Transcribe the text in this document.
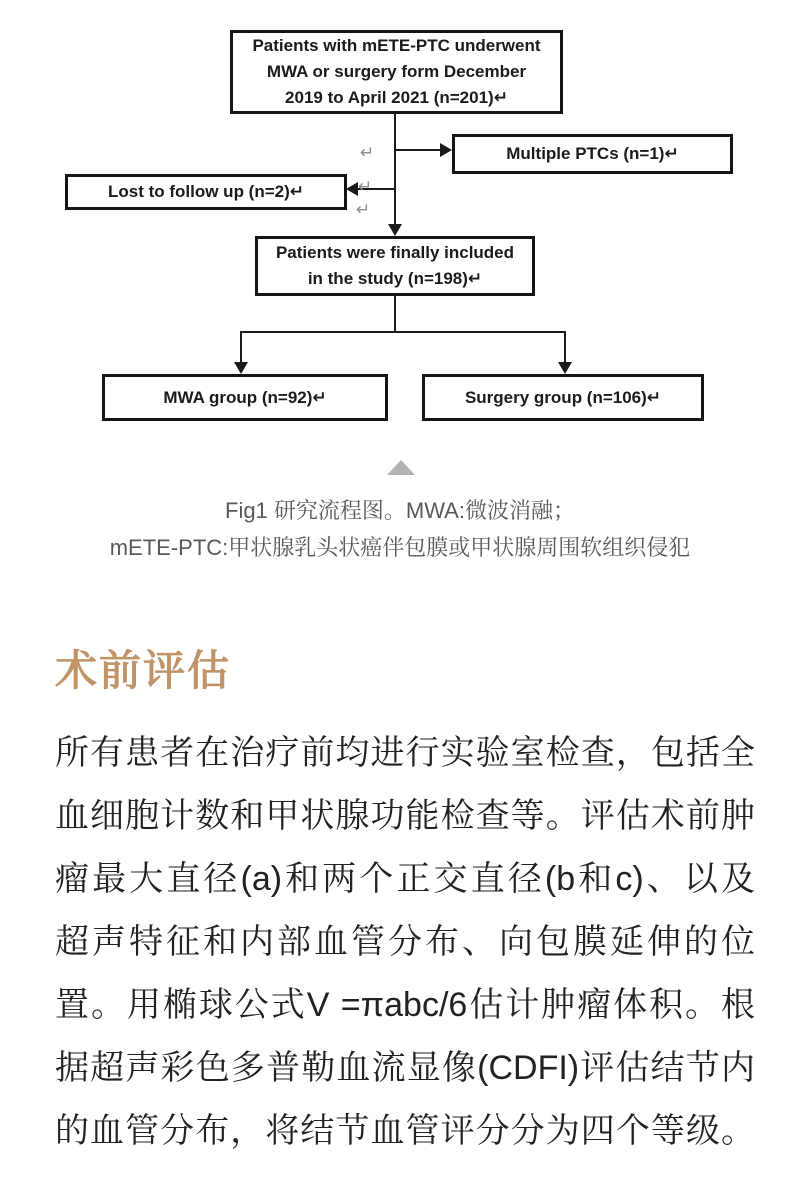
Patients with mETE-PTC underwent
MWA or surgery form December
2019 to April 2021 (n=201)↵
Multiple PTCs (n=1)↵
Lost to follow up (n=2)↵
Patients were finally included
in the study (n=198)↵
MWA group (n=92)↵	Surgery group (n=106)↵
↵
↵
↵
Fig1 研究流程图。MWA:微波消融；
mETE-PTC:甲状腺乳头状癌伴包膜或甲状腺周围软组织侵犯
术前评估
所有患者在治疗前均进行实验室检查，包括全
血细胞计数和甲状腺功能检查等。评估术前肿
瘤最大直径(a)和两个正交直径(b和c)、以及
超声特征和内部血管分布、向包膜延伸的位
置。用椭球公式V =πabc/6估计肿瘤体积。根
据超声彩色多普勒血流显像(CDFI)评估结节内
的血管分布，将结节血管评分分为四个等级。
